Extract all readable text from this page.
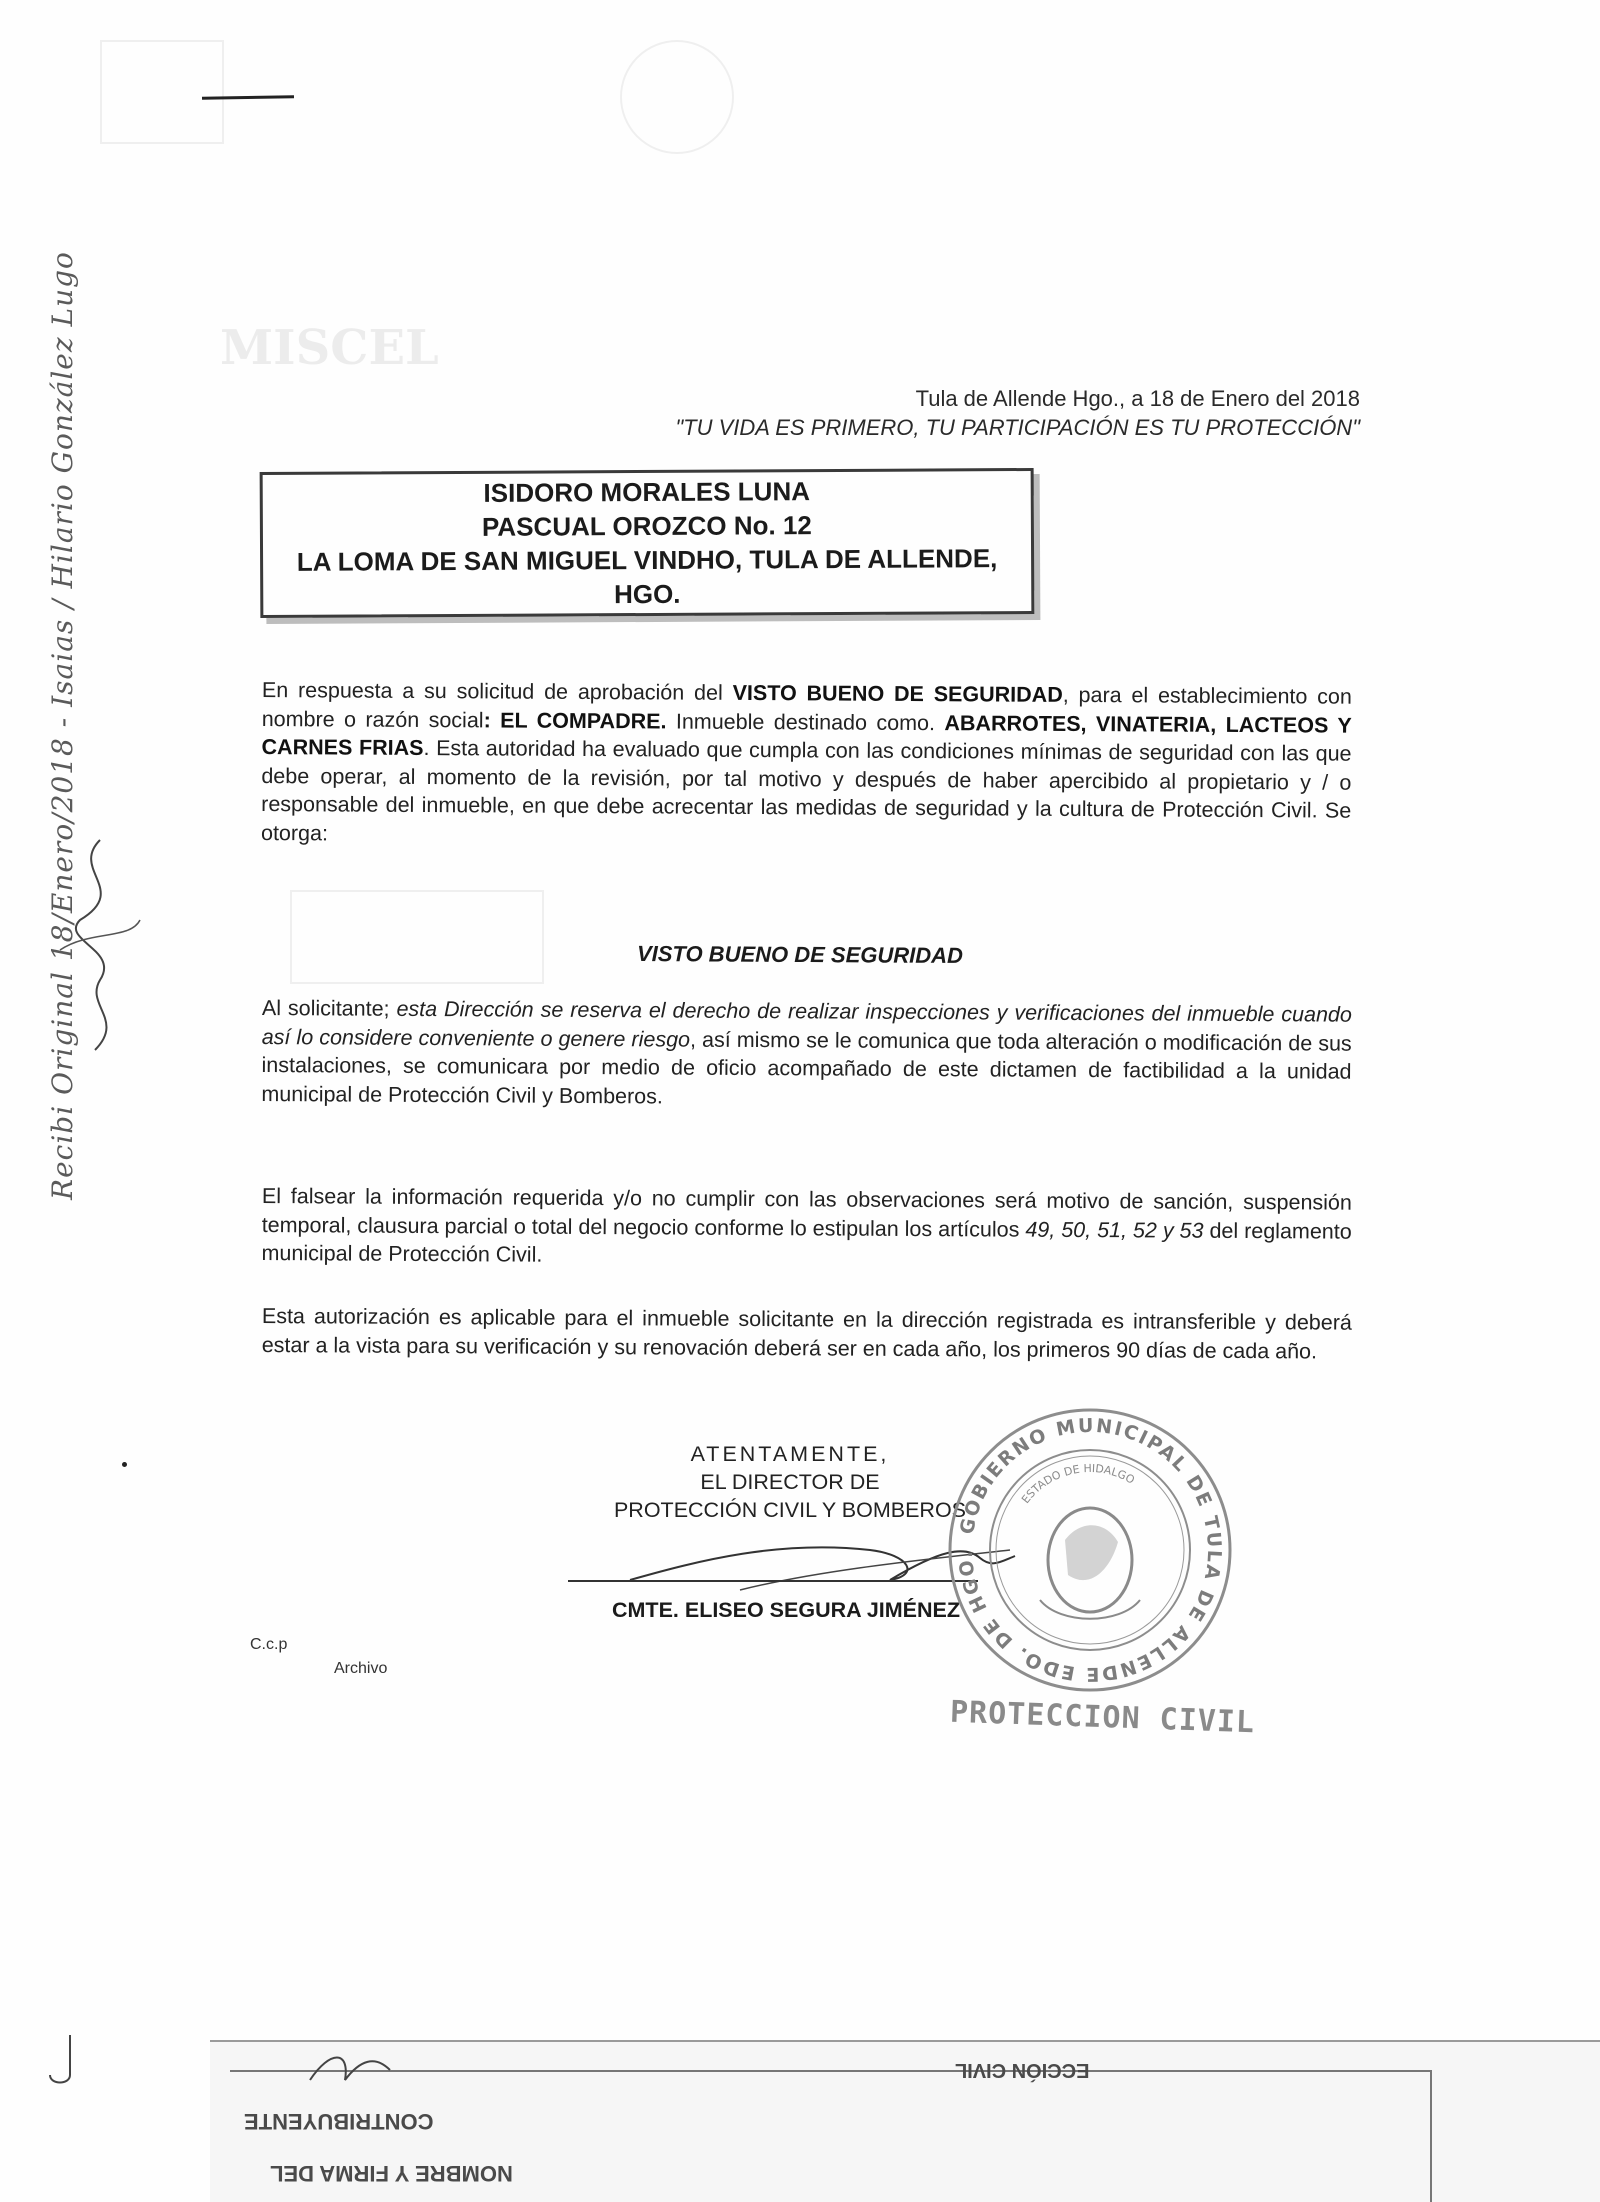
MISCEL
Tula de Allende Hgo., a 18 de Enero del 2018
"TU VIDA ES PRIMERO, TU PARTICIPACIÓN ES TU PROTECCIÓN"
ISIDORO MORALES LUNA
PASCUAL OROZCO No. 12
LA LOMA DE SAN MIGUEL VINDHO, TULA DE ALLENDE, HGO.
En respuesta a su solicitud de aprobación del VISTO BUENO DE SEGURIDAD, para el establecimiento con nombre o razón social: EL COMPADRE. Inmueble destinado como. ABARROTES, VINATERIA, LACTEOS Y CARNES FRIAS. Esta autoridad ha evaluado que cumpla con las condiciones mínimas de seguridad con las que debe operar, al momento de la revisión, por tal motivo y después de haber apercibido al propietario y / o responsable del inmueble, en que debe acrecentar las medidas de seguridad y la cultura de Protección Civil. Se otorga:
VISTO BUENO DE SEGURIDAD
Al solicitante; esta Dirección se reserva el derecho de realizar inspecciones y verificaciones del inmueble cuando así lo considere conveniente o genere riesgo, así mismo se le comunica que toda alteración o modificación de sus instalaciones, se comunicara por medio de oficio acompañado de este dictamen de factibilidad a la unidad municipal de Protección Civil y Bomberos.
El falsear la información requerida y/o no cumplir con las observaciones será motivo de sanción, suspensión temporal, clausura parcial o total del negocio conforme lo estipulan los artículos 49, 50, 51, 52 y 53 del reglamento municipal de Protección Civil.
Esta autorización es aplicable para el inmueble solicitante en la dirección registrada es intransferible y deberá estar a la vista para su verificación y su renovación deberá ser en cada año, los primeros 90 días de cada año.
ATENTAMENTE,
EL DIRECTOR DE
PROTECCIÓN CIVIL Y BOMBEROS
CMTE. ELISEO SEGURA JIMÉNEZ
C.c.p
Archivo
GOBIERNO MUNICIPAL DE TULA DE ALLENDE EDO. DE HGO.
ESTADO DE HIDALGO
PROTECCION CIVIL
Recibi Original 18/Enero/2018 - Isaias / Hilario González Lugo
CONTRIBUYENTE
NOMBRE Y FIRMA DEL
ECCIÓN CIVIL
